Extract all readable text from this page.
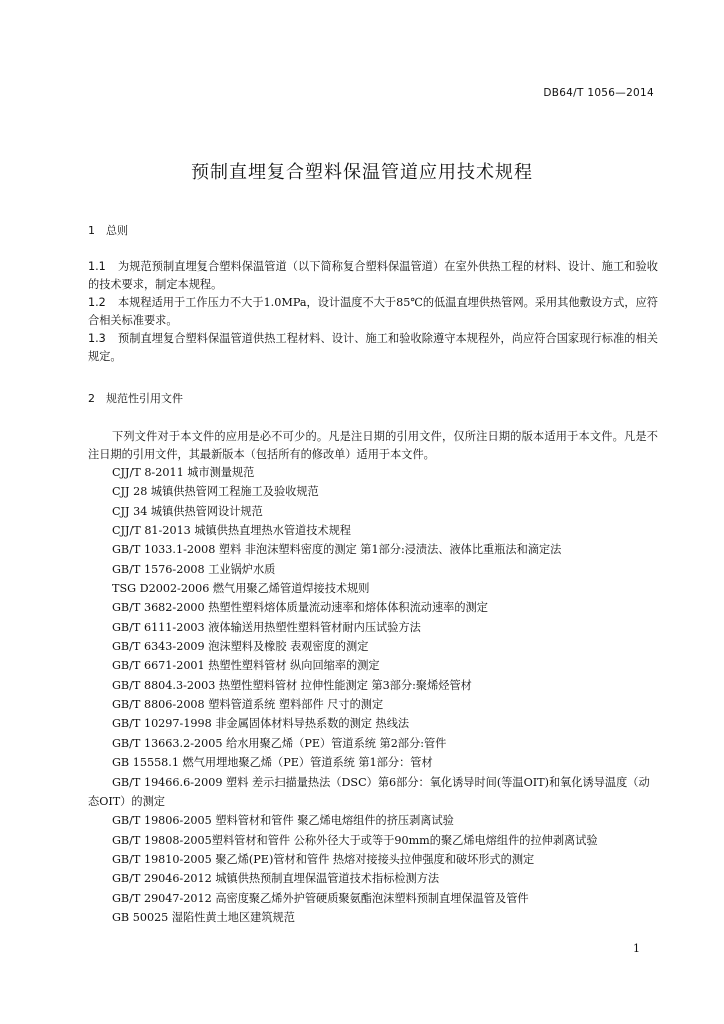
DB64/T 1056—2014

预制直埋复合塑料保温管道应用技术规程
1 总则

1.1 为规范预制直埋复合塑料保温管道（以下简称复合塑料保温管道）在室外供热工程的材料、设计、施工和验收的技术要求，制定本规程。

1.2 本规程适用于工作压力不大于1.0MPa，设计温度不大于85℃的低温直埋供热管网。采用其他敷设方式，应符合相关标准要求。

1.3 预制直埋复合塑料保温管道供热工程材料、设计、施工和验收除遵守本规程外，尚应符合国家现行标准的相关规定。

2 规范性引用文件

下列文件对于本文件的应用是必不可少的。凡是注日期的引用文件，仅所注日期的版本适用于本文件。凡是不注日期的引用文件，其最新版本（包括所有的修改单）适用于本文件。

CJJ/T 8-2011 城市测量规范
CJJ 28 城镇供热管网工程施工及验收规范
CJJ 34 城镇供热管网设计规范
CJJ/T 81-2013 城镇供热直埋热水管道技术规程
GB/T 1033.1-2008 塑料 非泡沫塑料密度的测定 第1部分:浸渍法、液体比重瓶法和滴定法
GB/T 1576-2008 工业锅炉水质
TSG D2002-2006 燃气用聚乙烯管道焊接技术规则
GB/T 3682-2000 热塑性塑料熔体质量流动速率和熔体体积流动速率的测定
GB/T 6111-2003 液体输送用热塑性塑料管材耐内压试验方法
GB/T 6343-2009 泡沫塑料及橡胶 表观密度的测定
GB/T 6671-2001 热塑性塑料管材 纵向回缩率的测定
GB/T 8804.3-2003 热塑性塑料管材 拉伸性能测定 第3部分:聚烯烃管材
GB/T 8806-2008 塑料管道系统 塑料部件 尺寸的测定
GB/T 10297-1998 非金属固体材料导热系数的测定 热线法
GB/T 13663.2-2005 给水用聚乙烯（PE）管道系统 第2部分:管件
GB 15558.1 燃气用埋地聚乙烯（PE）管道系统 第1部分：管材
GB/T 19466.6-2009 塑料 差示扫描量热法（DSC）第6部分：氧化诱导时间(等温OIT)和氧化诱导温度（动态OIT）的测定
GB/T 19806-2005 塑料管材和管件 聚乙烯电熔组件的挤压剥离试验
GB/T 19808-2005塑料管材和管件 公称外径大于或等于90mm的聚乙烯电熔组件的拉伸剥离试验
GB/T 19810-2005 聚乙烯(PE)管材和管件 热熔对接接头拉伸强度和破坏形式的测定
GB/T 29046-2012 城镇供热预制直埋保温管道技术指标检测方法
GB/T 29047-2012 高密度聚乙烯外护管硬质聚氨酯泡沫塑料预制直埋保温管及管件
GB 50025 湿陷性黄土地区建筑规范

1
